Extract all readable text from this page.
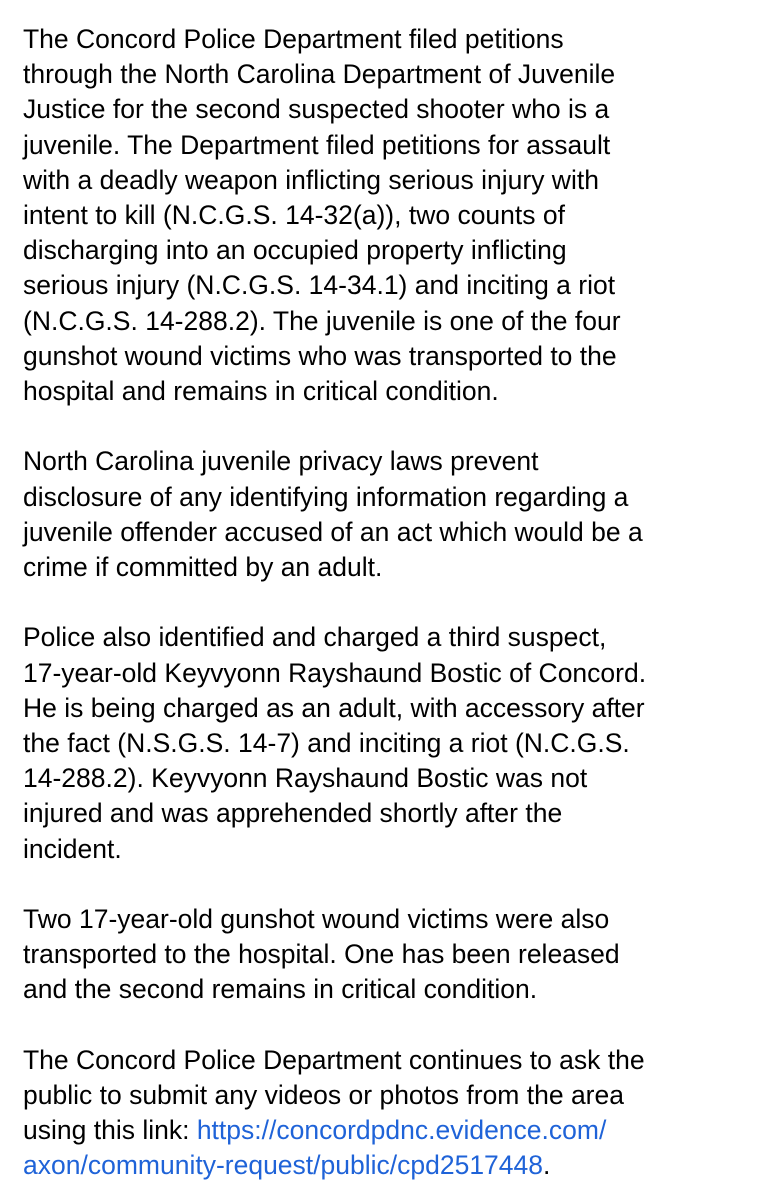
The Concord Police Department filed petitions
through the North Carolina Department of Juvenile
Justice for the second suspected shooter who is a
juvenile. The Department filed petitions for assault
with a deadly weapon inflicting serious injury with
intent to kill (N.C.G.S. 14-32(a)), two counts of
discharging into an occupied property inflicting
serious injury (N.C.G.S. 14-34.1) and inciting a riot
(N.C.G.S. 14-288.2). The juvenile is one of the four
gunshot wound victims who was transported to the
hospital and remains in critical condition.

North Carolina juvenile privacy laws prevent
disclosure of any identifying information regarding a
juvenile offender accused of an act which would be a
crime if committed by an adult.

Police also identified and charged a third suspect,
17-year-old Keyvyonn Rayshaund Bostic of Concord.
He is being charged as an adult, with accessory after
the fact (N.S.G.S. 14-7) and inciting a riot (N.C.G.S.
14-288.2). Keyvyonn Rayshaund Bostic was not
injured and was apprehended shortly after the
incident.

Two 17-year-old gunshot wound victims were also
transported to the hospital. One has been released
and the second remains in critical condition.

The Concord Police Department continues to ask the
public to submit any videos or photos from the area
using this link: https://concordpdnc.evidence.com/
axon/community-request/public/cpd2517448.
